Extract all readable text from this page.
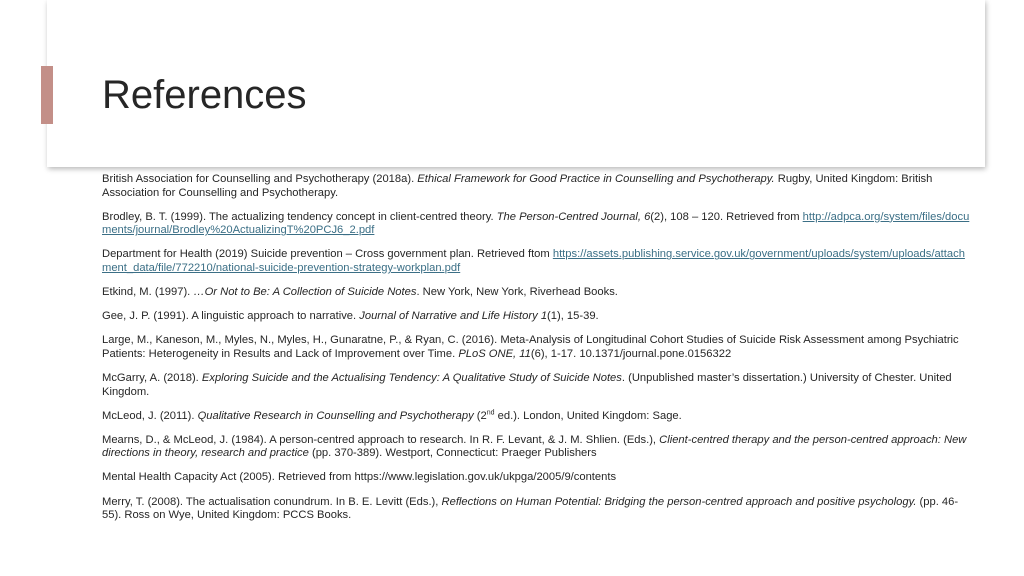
References

British Association for Counselling and Psychotherapy (2018a). Ethical Framework for Good Practice in Counselling and Psychotherapy. Rugby, United Kingdom: British Association for Counselling and Psychotherapy.

Brodley, B. T. (1999). The actualizing tendency concept in client-centred theory. The Person-Centred Journal, 6(2), 108 – 120. Retrieved from http://adpca.org/system/files/documents/journal/Brodley%20ActualizingT%20PCJ6_2.pdf

Department for Health (2019) Suicide prevention – Cross government plan. Retrieved ftom https://assets.publishing.service.gov.uk/government/uploads/system/uploads/attachment_data/file/772210/national-suicide-prevention-strategy-workplan.pdf

Etkind, M. (1997). …Or Not to Be: A Collection of Suicide Notes. New York, New York, Riverhead Books.

Gee, J. P. (1991). A linguistic approach to narrative. Journal of Narrative and Life History 1(1), 15-39.

Large, M., Kaneson, M., Myles, N., Myles, H., Gunaratne, P., & Ryan, C. (2016). Meta-Analysis of Longitudinal Cohort Studies of Suicide Risk Assessment among Psychiatric Patients: Heterogeneity in Results and Lack of Improvement over Time. PLoS ONE, 11(6), 1-17. 10.1371/journal.pone.0156322

McGarry, A. (2018). Exploring Suicide and the Actualising Tendency: A Qualitative Study of Suicide Notes. (Unpublished master’s dissertation.) University of Chester. United Kingdom.

McLeod, J. (2011). Qualitative Research in Counselling and Psychotherapy (2nd ed.). London, United Kingdom: Sage.

Mearns, D., & McLeod, J. (1984). A person-centred approach to research. In R. F. Levant, & J. M. Shlien. (Eds.), Client-centred therapy and the person-centred approach: New directions in theory, research and practice (pp. 370-389). Westport, Connecticut: Praeger Publishers

Mental Health Capacity Act (2005). Retrieved from https://www.legislation.gov.uk/ukpga/2005/9/contents

Merry, T. (2008). The actualisation conundrum. In B. E. Levitt (Eds.), Reflections on Human Potential: Bridging the person-centred approach and positive psychology. (pp. 46-55). Ross on Wye, United Kingdom: PCCS Books.
